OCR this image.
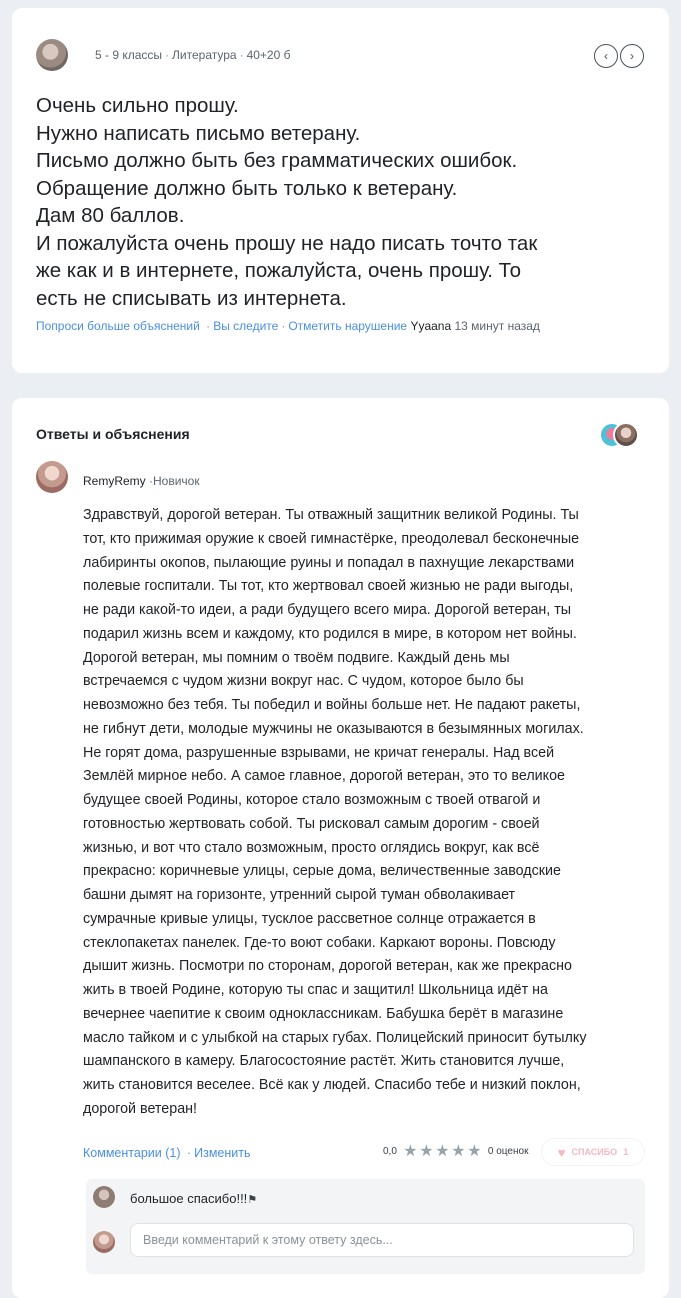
5 - 9 классы · Литература · 40+20 б	‹	›
Очень сильно прошу.
Нужно написать письмо ветерану.
Письмо должно быть без грамматических ошибок.
Обращение должно быть только к ветерану.
Дам 80 баллов.
И пожалуйста очень прошу не надо писать точто так
же как и в интернете, пожалуйста, очень прошу. То
есть не списывать из интернета.
Попроси больше объяснений · Вы следите · Отметить нарушение Yyaana 13 минут назад
Ответы и объяснения
RemyRemy ·Новичок
Здравствуй, дорогой ветеран. Ты отважный защитник великой Родины. Ты
тот, кто прижимая оружие к своей гимнастёрке, преодолевал бесконечные
лабиринты окопов, пылающие руины и попадал в пахнущие лекарствами
полевые госпитали. Ты тот, кто жертвовал своей жизнью не ради выгоды,
не ради какой-то идеи, а ради будущего всего мира. Дорогой ветеран, ты
подарил жизнь всем и каждому, кто родился в мире, в котором нет войны.
Дорогой ветеран, мы помним о твоём подвиге. Каждый день мы
встречаемся с чудом жизни вокруг нас. С чудом, которое было бы
невозможно без тебя. Ты победил и войны больше нет. Не падают ракеты,
не гибнут дети, молодые мужчины не оказываются в безымянных могилах.
Не горят дома, разрушенные взрывами, не кричат генералы. Над всей
Землёй мирное небо. А самое главное, дорогой ветеран, это то великое
будущее своей Родины, которое стало возможным с твоей отвагой и
готовностью жертвовать собой. Ты рисковал самым дорогим - своей
жизнью, и вот что стало возможным, просто оглядись вокруг, как всё
прекрасно: коричневые улицы, серые дома, величественные заводские
башни дымят на горизонте, утренний сырой туман обволакивает
сумрачные кривые улицы, тусклое рассветное солнце отражается в
стеклопакетах панелек. Где-то воют собаки. Каркают вороны. Повсюду
дышит жизнь. Посмотри по сторонам, дорогой ветеран, как же прекрасно
жить в твоей Родине, которую ты спас и защитил! Школьница идёт на
вечернее чаепитие к своим одноклассникам. Бабушка берёт в магазине
масло тайком и с улыбкой на старых губах. Полицейский приносит бутылку
шампанского в камеру. Благосостояние растёт. Жить становится лучше,
жить становится веселее. Всё как у людей. Спасибо тебе и низкий поклон,
дорогой ветеран!
Комментарии (1) · Изменить	0,0 ★ ★ ★ ★ ★ 0 оценок ♥ СПАСИБО 1
большое спасибо!!!⚑
Введи комментарий к этому ответу здесь...
